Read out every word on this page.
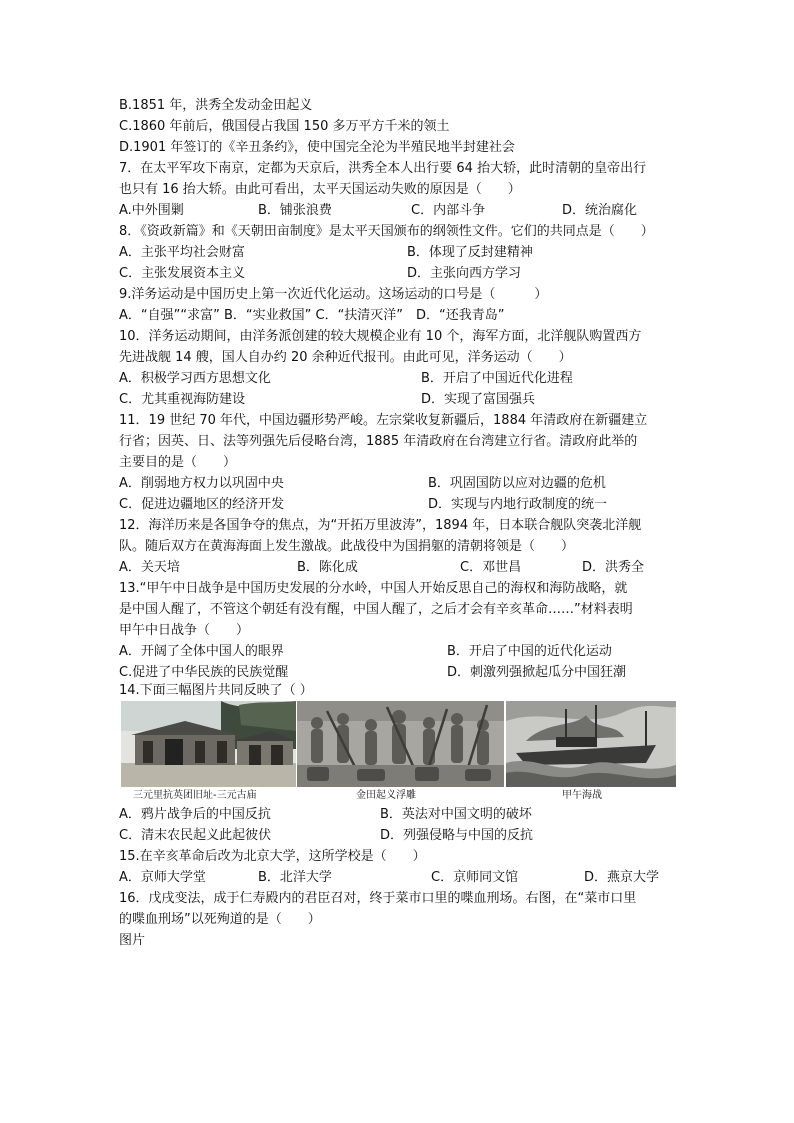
B.1851 年，洪秀全发动金田起义
C.1860 年前后，俄国侵占我国 150 多万平方千米的领土
D.1901 年签订的《辛丑条约》，使中国完全沦为半殖民地半封建社会
7．在太平军攻下南京，定都为天京后，洪秀全本人出行要 64 抬大轿，此时清朝的皇帝出行
也只有 16 抬大轿。由此可看出，太平天国运动失败的原因是（　　）
A.中外围剿	B．铺张浪费	C．内部斗争	D．统治腐化
8．《资政新篇》和《天朝田亩制度》是太平天国颁布的纲领性文件。它们的共同点是（　　）
A．主张平均社会财富	B．体现了反封建精神
C．主张发展资本主义	D．主张向西方学习
9.洋务运动是中国历史上第一次近代化运动。这场运动的口号是（　　　）
A．“自强”“求富” B．“实业救国” C．“扶清灭洋”　D．“还我青岛”
10．洋务运动期间，由洋务派创建的较大规模企业有 10 个，海军方面，北洋舰队购置西方
先进战舰 14 艘，国人自办约 20 余种近代报刊。由此可见，洋务运动（　　）
A．积极学习西方思想文化	B．开启了中国近代化进程
C．尤其重视海防建设	D．实现了富国强兵
11．19 世纪 70 年代，中国边疆形势严峻。左宗棠收复新疆后，1884 年清政府在新疆建立
行省；因英、日、法等列强先后侵略台湾，1885 年清政府在台湾建立行省。清政府此举的
主要目的是（　　）
A．削弱地方权力以巩固中央	B．巩固国防以应对边疆的危机
C．促进边疆地区的经济开发	D．实现与内地行政制度的统一
12．海洋历来是各国争夺的焦点，为“开拓万里波涛”，1894 年，日本联合舰队突袭北洋舰
队。随后双方在黄海海面上发生激战。此战役中为国捐躯的清朝将领是（　　）
A．关天培	B．陈化成	C．邓世昌	D．洪秀全
13.“甲午中日战争是中国历史发展的分水岭，中国人开始反思自己的海权和海防战略，就
是中国人醒了，不管这个朝廷有没有醒，中国人醒了，之后才会有辛亥革命……”材料表明
甲午中日战争（　　）
A．开阔了全体中国人的眼界	B．开启了中国的近代化运动
C.促进了中华民族的民族觉醒	D．刺激列强掀起瓜分中国狂潮
14.下面三幅图片共同反映了（ ）
三元里抗英团旧址-三元古庙	金田起义浮雕	甲午海战
A．鸦片战争后的中国反抗	B．英法对中国文明的破坏
C．清末农民起义此起彼伏	D．列强侵略与中国的反抗
15.在辛亥革命后改为北京大学，这所学校是（　　）
A．京师大学堂	B．北洋大学	C．京师同文馆	D．燕京大学
16．戊戌变法，成于仁寿殿内的君臣召对，终于菜市口里的喋血刑场。右图，在“菜市口里
的喋血刑场”以死殉道的是（　　）
图片
